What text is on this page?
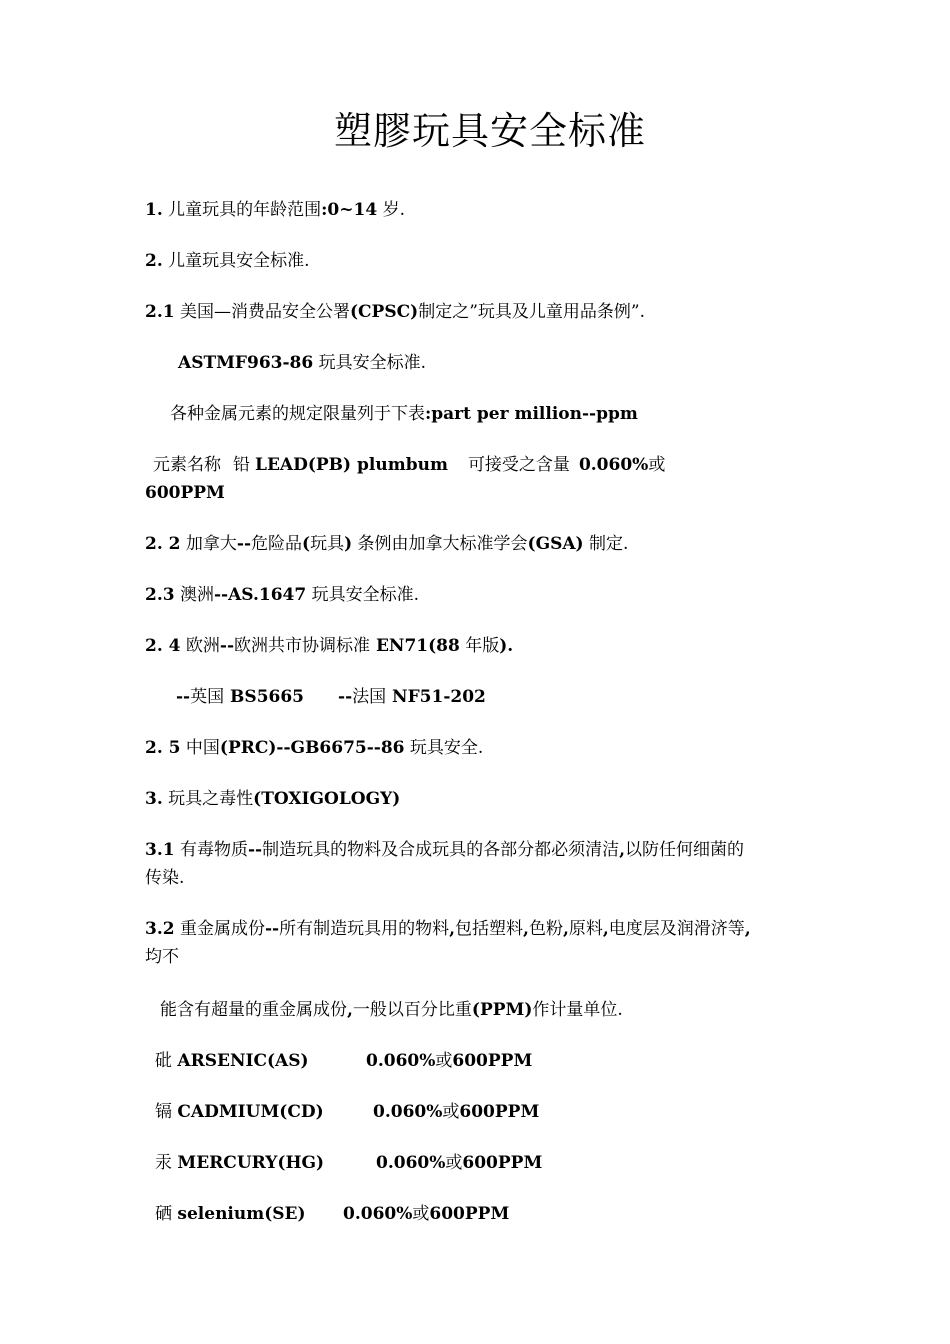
塑膠玩具安全标准
1. 儿童玩具的年龄范围:0~14 岁.
2. 儿童玩具安全标准.
2.1 美国—消费品安全公署(CPSC)制定之”玩具及儿童用品条例”.
ASTMF963-86 玩具安全标准.
各种金属元素的规定限量列于下表:part per million--ppm
元素名称 铅 LEAD(PB) plumbum 可接受之含量 0.060%或
600PPM
2. 2 加拿大--危险品(玩具) 条例由加拿大标准学会(GSA) 制定.
2.3 澳洲--AS.1647 玩具安全标准.
2. 4 欧洲--欧洲共市协调标准 EN71(88 年版).
--英国 BS5665 --法国 NF51-202
2. 5 中国(PRC)--GB6675--86 玩具安全.
3. 玩具之毒性(TOXIGOLOGY)
3.1 有毒物质--制造玩具的物料及合成玩具的各部分都必须清洁,以防任何细菌的
传染.
3.2 重金属成份--所有制造玩具用的物料,包括塑料,色粉,原料,电度层及润滑济等,
均不
能含有超量的重金属成份,一般以百分比重(PPM)作计量单位.
砒 ARSENIC(AS)	0.060%或600PPM
镉 CADMIUM(CD)	0.060%或600PPM
汞 MERCURY(HG)	0.060%或600PPM
硒 selenium(SE) 0.060%或600PPM
